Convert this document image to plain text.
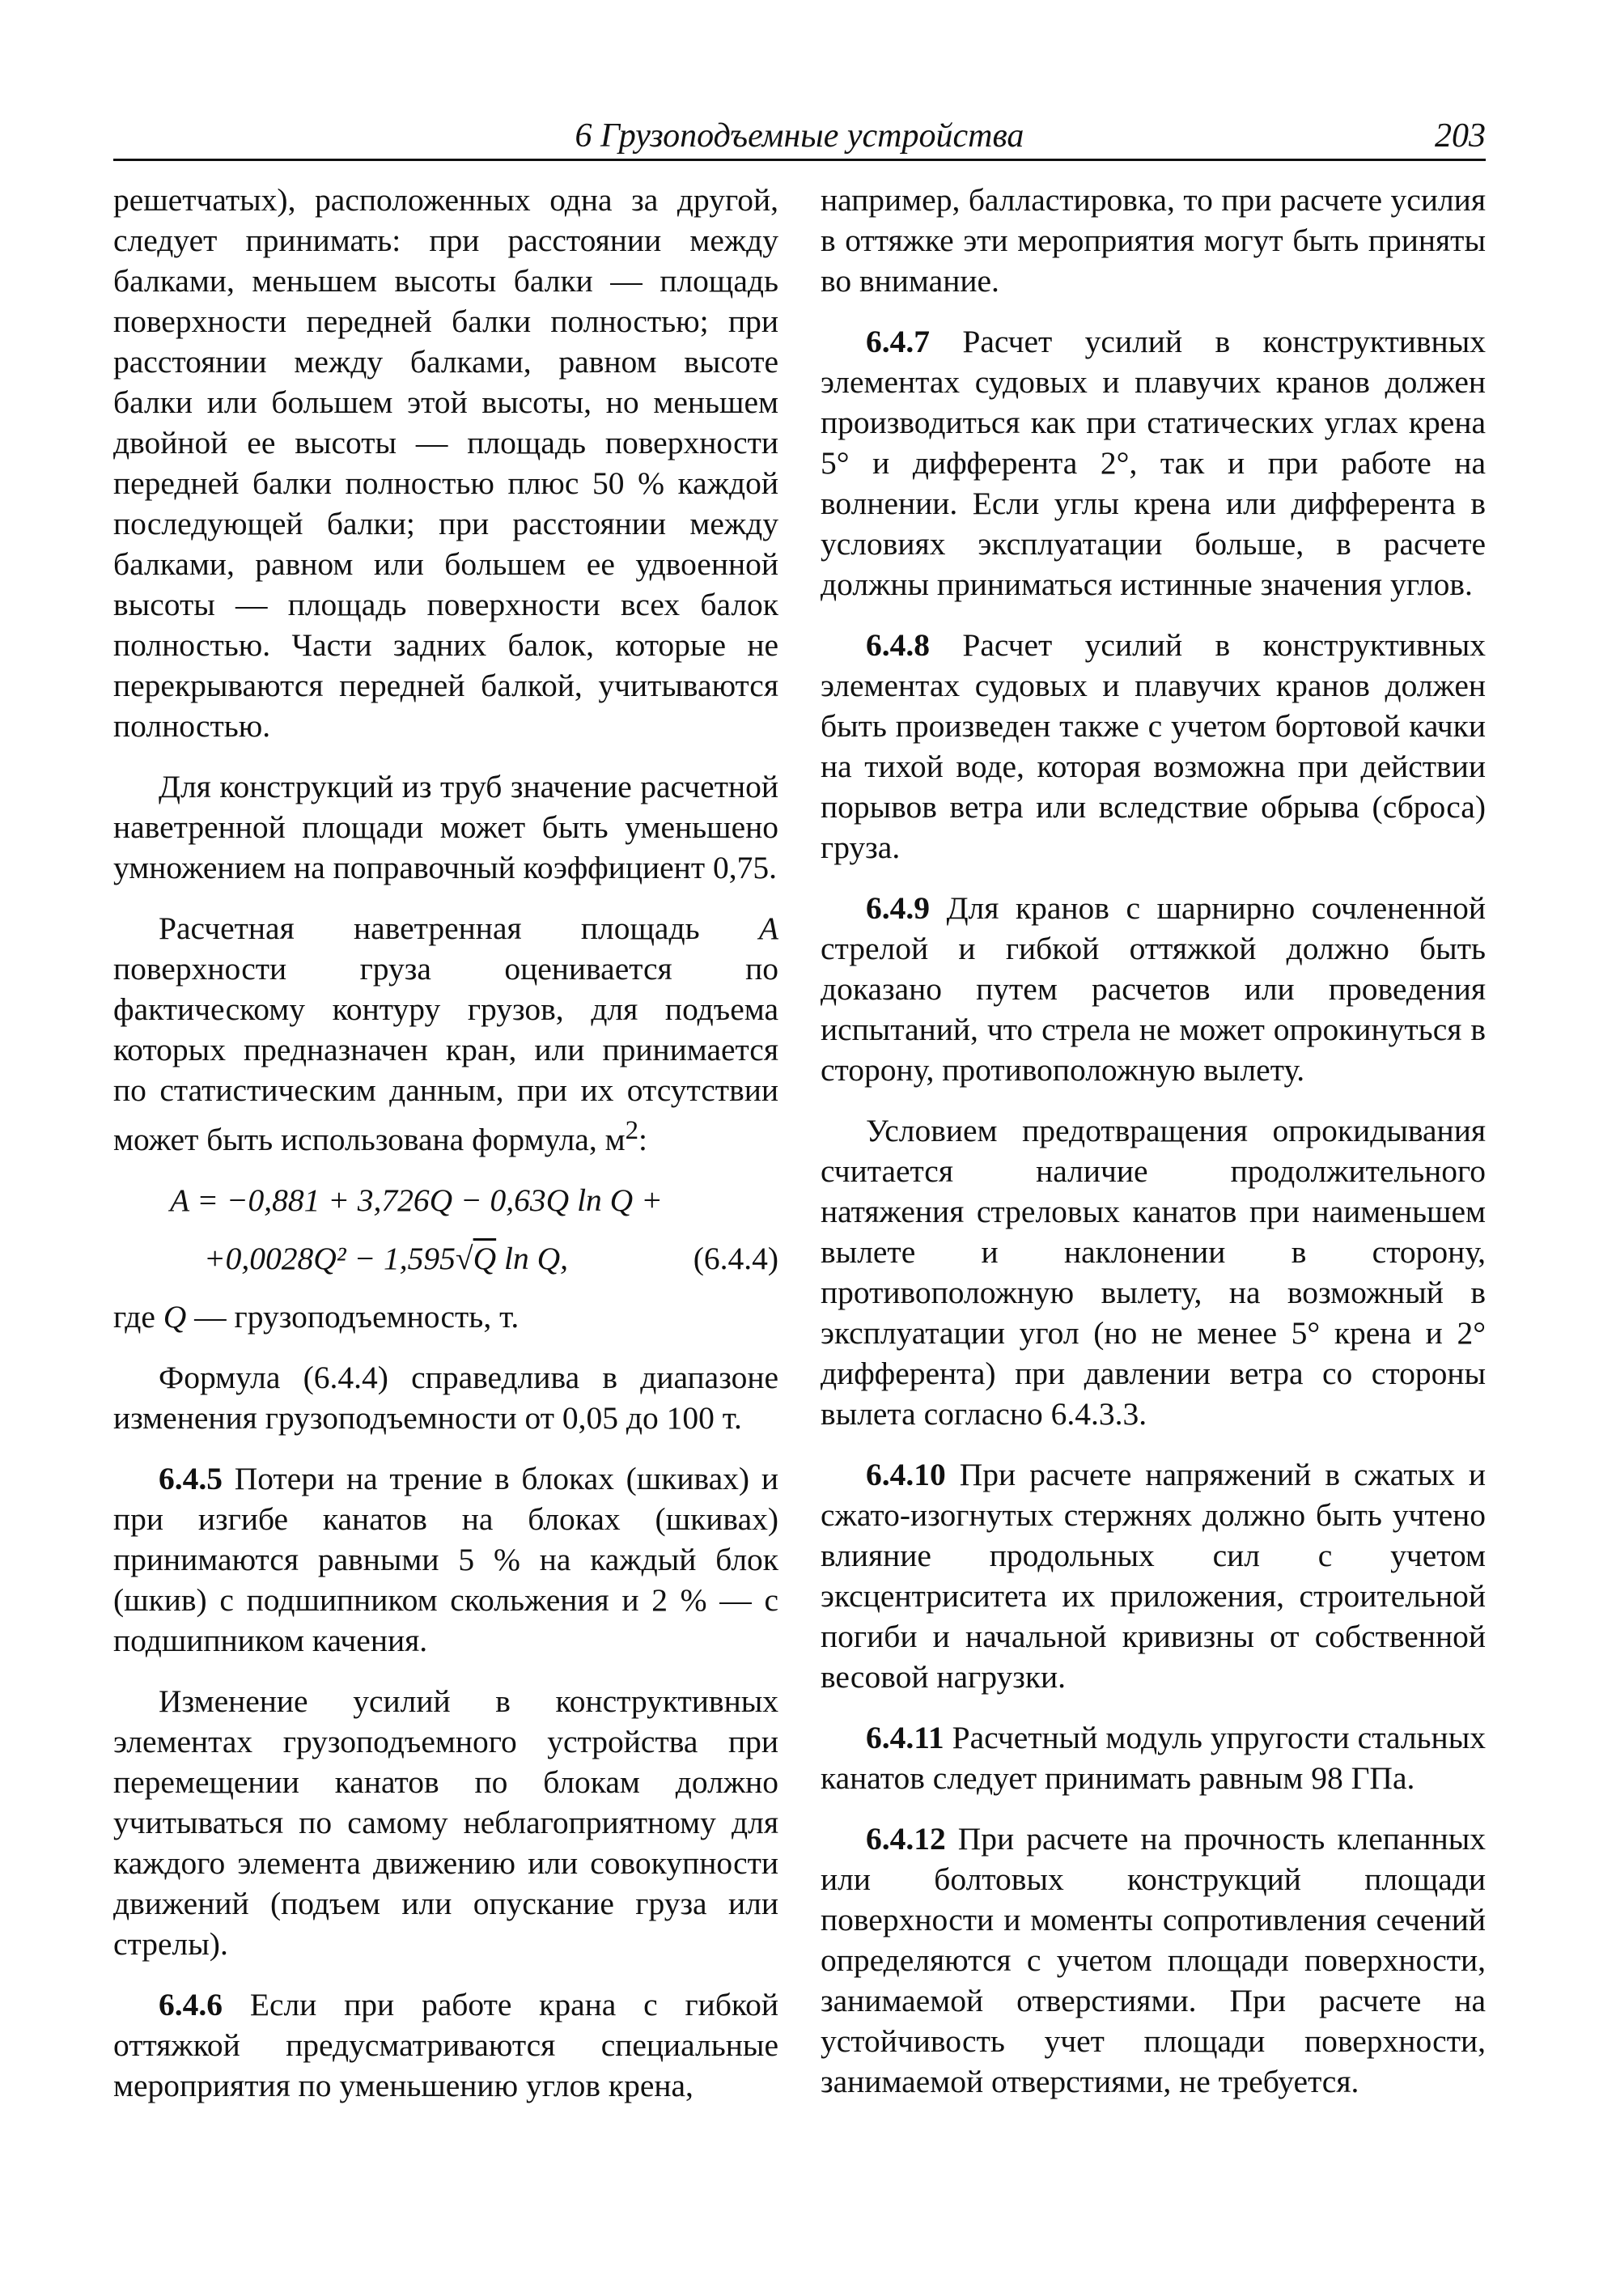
6 Грузоподъемные устройства	203

решетчатых), расположенных одна за другой, следует принимать: при расстоянии между балками, меньшем высоты балки — площадь поверхности передней балки полностью; при расстоянии между балками, равном высоте балки или большем этой высоты, но меньшем двойной ее высоты — площадь поверхности передней балки полностью плюс 50 % каждой последующей балки; при расстоянии между балками, равном или большем ее удвоенной высоты — площадь поверхности всех балок полностью. Части задних балок, которые не перекрываются передней балкой, учитываются полностью.

Для конструкций из труб значение расчетной наветренной площади может быть уменьшено умножением на поправочный коэффициент 0,75.

Расчетная наветренная площадь A поверхности груза оценивается по фактическому контуру грузов, для подъема которых предназначен кран, или принимается по статистическим данным, при их отсутствии может быть использована формула, $м^2$:

A = −0,881 + 3,726Q − 0,63Q ln Q +
+0,0028Q² − 1,595√Q ln Q,	(6.4.4)

где Q — грузоподъемность, т.

Формула (6.4.4) справедлива в диапазоне изменения грузоподъемности от 0,05 до 100 т.

6.4.5 Потери на трение в блоках (шкивах) и при изгибе канатов на блоках (шкивах) принимаются равными 5 % на каждый блок (шкив) с подшипником скольжения и 2 % — с подшипником качения.

Изменение усилий в конструктивных элементах грузоподъемного устройства при перемещении канатов по блокам должно учитываться по самому неблагоприятному для каждого элемента движению или совокупности движений (подъем или опускание груза или стрелы).

6.4.6 Если при работе крана с гибкой оттяжкой предусматриваются специальные мероприятия по уменьшению углов крена,

например, балластировка, то при расчете усилия в оттяжке эти мероприятия могут быть приняты во внимание.

6.4.7 Расчет усилий в конструктивных элементах судовых и плавучих кранов должен производиться как при статических углах крена 5° и дифферента 2°, так и при работе на волнении. Если углы крена или дифферента в условиях эксплуатации больше, в расчете должны приниматься истинные значения углов.

6.4.8 Расчет усилий в конструктивных элементах судовых и плавучих кранов должен быть произведен также с учетом бортовой качки на тихой воде, которая возможна при действии порывов ветра или вследствие обрыва (сброса) груза.

6.4.9 Для кранов с шарнирно сочлененной стрелой и гибкой оттяжкой должно быть доказано путем расчетов или проведения испытаний, что стрела не может опрокинуться в сторону, противоположную вылету.

Условием предотвращения опрокидывания считается наличие продолжительного натяжения стреловых канатов при наименьшем вылете и наклонении в сторону, противоположную вылету, на возможный в эксплуатации угол (но не менее 5° крена и 2° дифферента) при давлении ветра со стороны вылета согласно 6.4.3.3.

6.4.10 При расчете напряжений в сжатых и сжато-изогнутых стержнях должно быть учтено влияние продольных сил с учетом эксцентриситета их приложения, строительной погиби и начальной кривизны от собственной весовой нагрузки.

6.4.11 Расчетный модуль упругости стальных канатов следует принимать равным 98 ГПа.

6.4.12 При расчете на прочность клепанных или болтовых конструкций площади поверхности и моменты сопротивления сечений определяются с учетом площади поверхности, занимаемой отверстиями. При расчете на устойчивость учет площади поверхности, занимаемой отверстиями, не требуется.
